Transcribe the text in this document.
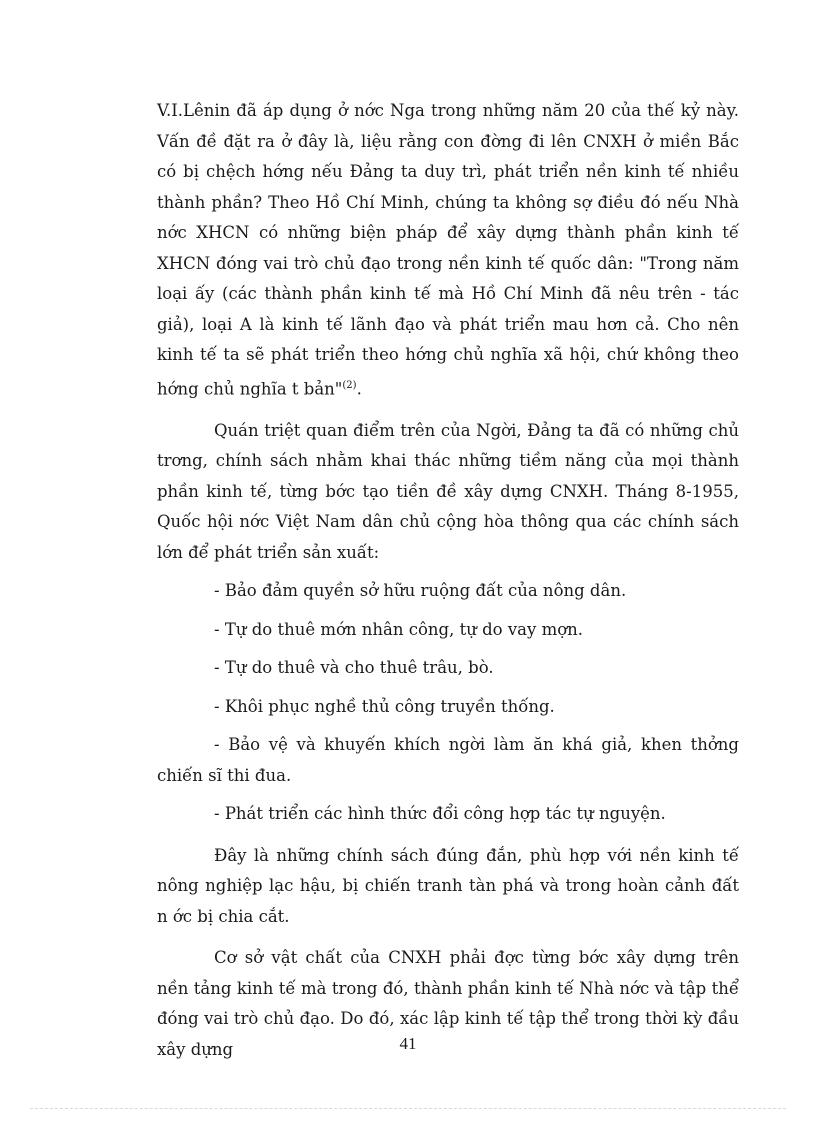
V.I.Lênin đã áp dụng ở nớc Nga trong những năm 20 của thế kỷ này. Vấn đề đặt ra ở đây là, liệu rằng con đờng đi lên CNXH ở miền Bắc có bị chệch hớng nếu Đảng ta duy trì, phát triển nền kinh tế nhiều thành phần? Theo Hồ Chí Minh, chúng ta không sợ điều đó nếu Nhà nớc XHCN có những biện pháp để xây dựng thành phần kinh tế XHCN đóng vai trò chủ đạo trong nền kinh tế quốc dân: "Trong năm loại ấy (các thành phần kinh tế mà Hồ Chí Minh đã nêu trên - tác giả), loại A là kinh tế lãnh đạo và phát triển mau hơn cả. Cho nên kinh tế ta sẽ phát triển theo hớng chủ nghĩa xã hội, chứ không theo hớng chủ nghĩa t bản"$^{(2)}$.

Quán triệt quan điểm trên của Ngời, Đảng ta đã có những chủ trơng, chính sách nhằm khai thác những tiềm năng của mọi thành phần kinh tế, từng bớc tạo tiền đề xây dựng CNXH. Tháng 8-1955, Quốc hội nớc Việt Nam dân chủ cộng hòa thông qua các chính sách lớn để phát triển sản xuất:

- Bảo đảm quyền sở hữu ruộng đất của nông dân.

- Tự do thuê mớn nhân công, tự do vay mợn.

- Tự do thuê và cho thuê trâu, bò.

- Khôi phục nghề thủ công truyền thống.

- Bảo vệ và khuyến khích ngời làm ăn khá giả, khen thởng chiến sĩ thi đua.

- Phát triển các hình thức đổi công hợp tác tự nguyện.

Đây là những chính sách đúng đắn, phù hợp với nền kinh tế nông nghiệp lạc hậu, bị chiến tranh tàn phá và trong hoàn cảnh đất n ớc bị chia cắt.

Cơ sở vật chất của CNXH phải đợc từng bớc xây dựng trên nền tảng kinh tế mà trong đó, thành phần kinh tế Nhà nớc và tập thể đóng vai trò chủ đạo. Do đó, xác lập kinh tế tập thể trong thời kỳ đầu xây dựng	41
